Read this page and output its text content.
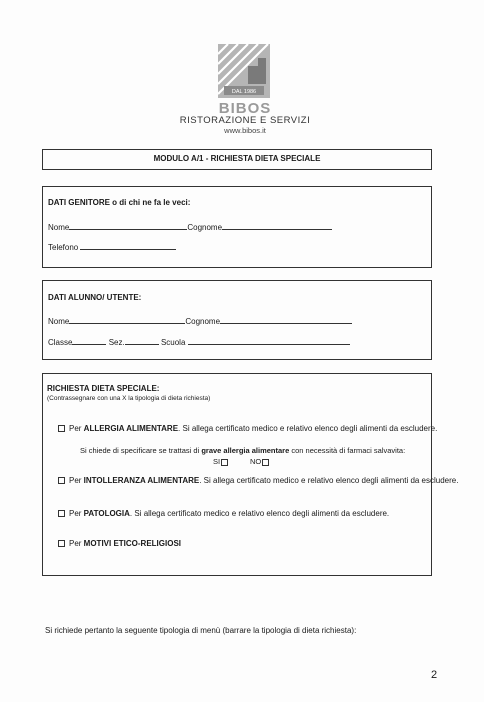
DAL 1986
BIBOS
RISTORAZIONE E SERVIZI
www.bibos.it
MODULO A/1 - RICHIESTA DIETA SPECIALE
DATI GENITORE o di chi ne fa le veci:
Nome	Cognome
Telefono
DATI ALUNNO/ UTENTE:
Nome	Cognome
Classe	Sez.	Scuola
RICHIESTA DIETA SPECIALE:
(Contrassegnare con una X la tipologia di dieta richiesta)
Per ALLERGIA ALIMENTARE. Si allega certificato medico e relativo elenco degli alimenti da escludere.
Si chiede di specificare se trattasi di grave allergia alimentare con necessità di farmaci salvavita:
SI	NO
Per INTOLLERANZA ALIMENTARE. Si allega certificato medico e relativo elenco degli alimenti da escludere.
Per PATOLOGIA. Si allega certificato medico e relativo elenco degli alimenti da escludere.
Per MOTIVI ETICO-RELIGIOSI
Si richiede pertanto la seguente tipologia di menù (barrare la tipologia di dieta richiesta):
2
